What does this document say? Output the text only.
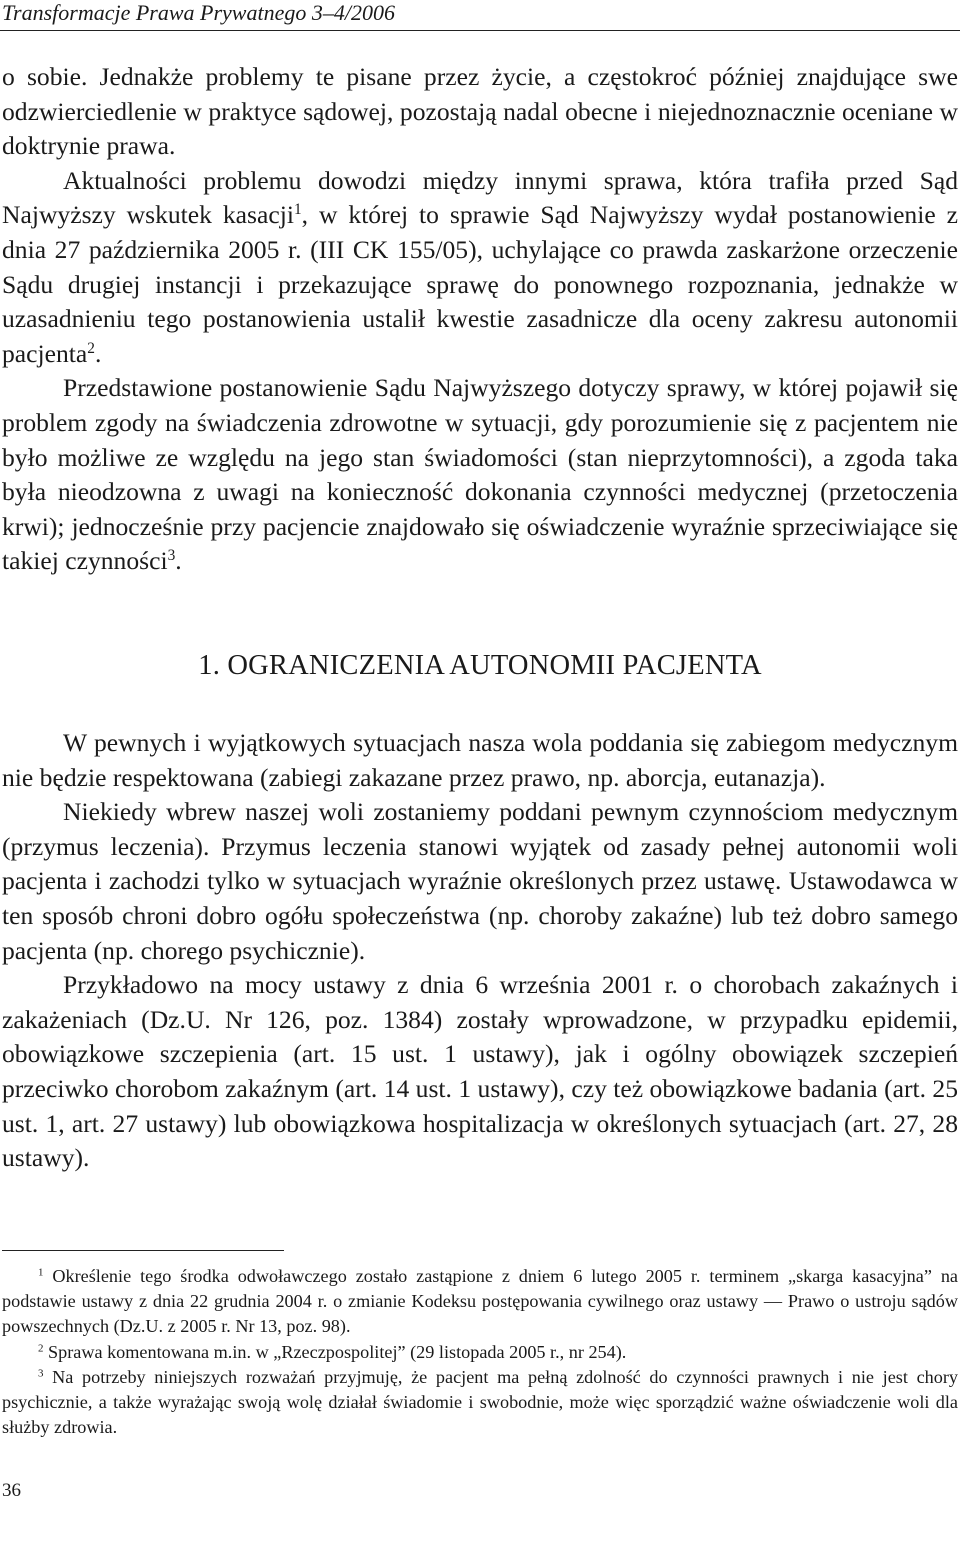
Transformacje Prawa Prywatnego 3–4/2006

o sobie. Jednakże problemy te pisane przez życie, a częstokroć później znajdujące swe odzwierciedlenie w praktyce sądowej, pozostają nadal obecne i niejednoznacznie oceniane w doktrynie prawa.

Aktualności problemu dowodzi między innymi sprawa, która trafiła przed Sąd Najwyższy wskutek kasacji$^1$, w której to sprawie Sąd Najwyższy wydał postanowienie z dnia 27 października 2005 r. (III CK 155/05), uchylające co prawda zaskarżone orzeczenie Sądu drugiej instancji i przekazujące sprawę do ponownego rozpoznania, jednakże w uzasadnieniu tego postanowienia ustalił kwestie zasadnicze dla oceny zakresu autonomii pacjenta$^2$.

Przedstawione postanowienie Sądu Najwyższego dotyczy sprawy, w której pojawił się problem zgody na świadczenia zdrowotne w sytuacji, gdy porozumienie się z pacjentem nie było możliwe ze względu na jego stan świadomości (stan nieprzytomności), a zgoda taka była nieodzowna z uwagi na konieczność dokonania czynności medycznej (przetoczenia krwi); jednocześnie przy pacjencie znajdowało się oświadczenie wyraźnie sprzeciwiające się takiej czynności$^3$.

1. OGRANICZENIA AUTONOMII PACJENTA

W pewnych i wyjątkowych sytuacjach nasza wola poddania się zabiegom medycznym nie będzie respektowana (zabiegi zakazane przez prawo, np. aborcja, eutanazja).

Niekiedy wbrew naszej woli zostaniemy poddani pewnym czynnościom medycznym (przymus leczenia). Przymus leczenia stanowi wyjątek od zasady pełnej autonomii woli pacjenta i zachodzi tylko w sytuacjach wyraźnie określonych przez ustawę. Ustawodawca w ten sposób chroni dobro ogółu społeczeństwa (np. choroby zakaźne) lub też dobro samego pacjenta (np. chorego psychicznie).

Przykładowo na mocy ustawy z dnia 6 września 2001 r. o chorobach zakaźnych i zakażeniach (Dz.U. Nr 126, poz. 1384) zostały wprowadzone, w przypadku epidemii, obowiązkowe szczepienia (art. 15 ust. 1 ustawy), jak i ogólny obowiązek szczepień przeciwko chorobom zakaźnym (art. 14 ust. 1 ustawy), czy też obowiązkowe badania (art. 25 ust. 1, art. 27 ustawy) lub obowiązkowa hospitalizacja w określonych sytuacjach (art. 27, 28 ustawy).

$^1$ Określenie tego środka odwoławczego zostało zastąpione z dniem 6 lutego 2005 r. terminem „skarga kasacyjna” na podstawie ustawy z dnia 22 grudnia 2004 r. o zmianie Kodeksu postępowania cywilnego oraz ustawy — Prawo o ustroju sądów powszechnych (Dz.U. z 2005 r. Nr 13, poz. 98).

$^2$ Sprawa komentowana m.in. w „Rzeczpospolitej” (29 listopada 2005 r., nr 254).

$^3$ Na potrzeby niniejszych rozważań przyjmuję, że pacjent ma pełną zdolność do czynności prawnych i nie jest chory psychicznie, a także wyrażając swoją wolę działał świadomie i swobodnie, może więc sporządzić ważne oświadczenie woli dla służby zdrowia.

36
